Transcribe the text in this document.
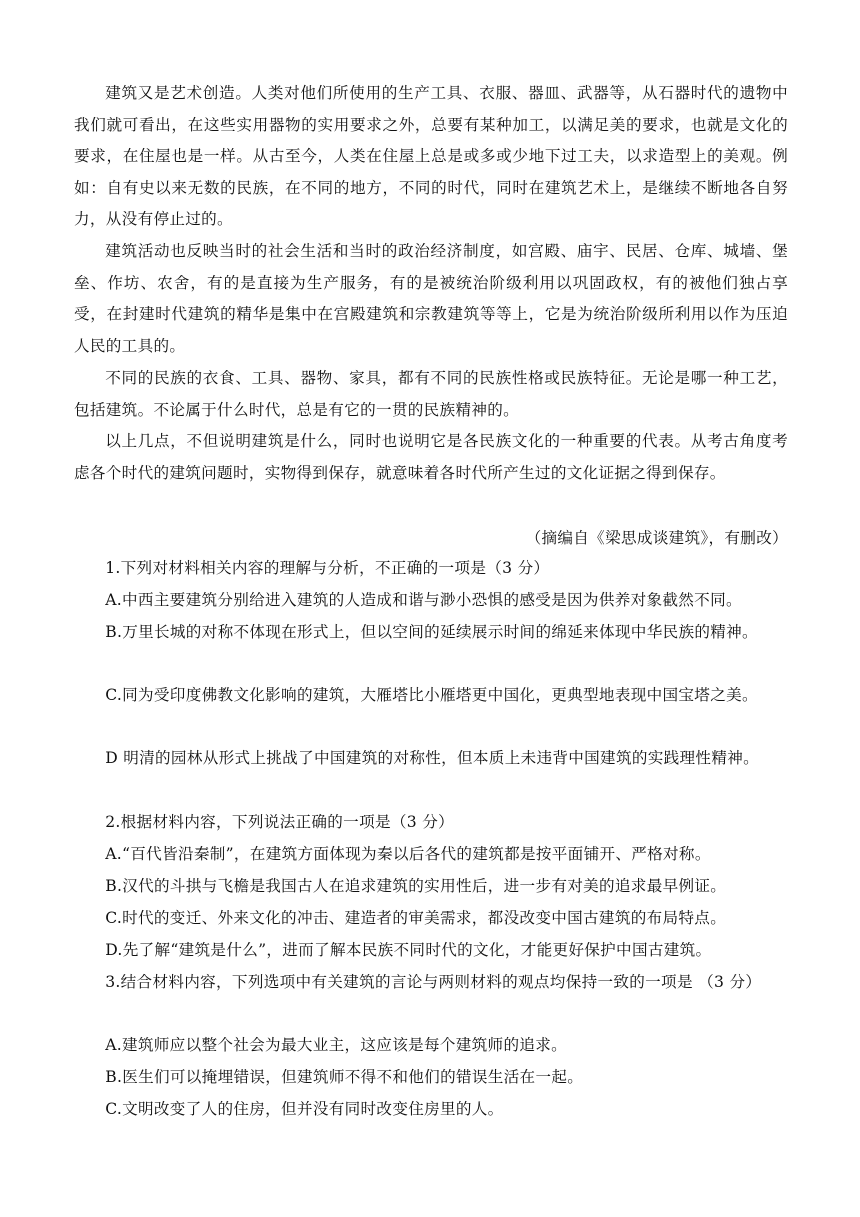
建筑又是艺术创造。人类对他们所使用的生产工具、衣服、器皿、武器等，从石器时代的遗物中我们就可看出，在这些实用器物的实用要求之外，总要有某种加工，以满足美的要求，也就是文化的要求，在住屋也是一样。从古至今，人类在住屋上总是或多或少地下过工夫，以求造型上的美观。例如：自有史以来无数的民族，在不同的地方，不同的时代，同时在建筑艺术上，是继续不断地各自努力，从没有停止过的。

建筑活动也反映当时的社会生活和当时的政治经济制度，如宫殿、庙宇、民居、仓库、城墙、堡垒、作坊、农舍，有的是直接为生产服务，有的是被统治阶级利用以巩固政权，有的被他们独占享受，在封建时代建筑的精华是集中在宫殿建筑和宗教建筑等等上，它是为统治阶级所利用以作为压迫人民的工具的。

不同的民族的衣食、工具、器物、家具，都有不同的民族性格或民族特征。无论是哪一种工艺，包括建筑。不论属于什么时代，总是有它的一贯的民族精神的。

以上几点，不但说明建筑是什么，同时也说明它是各民族文化的一种重要的代表。从考古角度考虑各个时代的建筑问题时，实物得到保存，就意味着各时代所产生过的文化证据之得到保存。

（摘编自《梁思成谈建筑》，有删改）

1.下列对材料相关内容的理解与分析，不正确的一项是（3 分）

A.中西主要建筑分别给进入建筑的人造成和谐与渺小恐惧的感受是因为供养对象截然不同。

B.万里长城的对称不体现在形式上，但以空间的延续展示时间的绵延来体现中华民族的精神。

C.同为受印度佛教文化影响的建筑，大雁塔比小雁塔更中国化，更典型地表现中国宝塔之美。

D 明清的园林从形式上挑战了中国建筑的对称性，但本质上未违背中国建筑的实践理性精神。

2.根据材料内容，下列说法正确的一项是（3 分）

A.“百代皆沿秦制”，在建筑方面体现为秦以后各代的建筑都是按平面铺开、严格对称。

B.汉代的斗拱与飞檐是我国古人在追求建筑的实用性后，进一步有对美的追求最早例证。

C.时代的变迁、外来文化的冲击、建造者的审美需求，都没改变中国古建筑的布局特点。

D.先了解“建筑是什么”，进而了解本民族不同时代的文化，才能更好保护中国古建筑。

3.结合材料内容，下列选项中有关建筑的言论与两则材料的观点均保持一致的一项是 （3 分）

A.建筑师应以整个社会为最大业主，这应该是每个建筑师的追求。

B.医生们可以掩埋错误，但建筑师不得不和他们的错误生活在一起。

C.文明改变了人的住房，但并没有同时改变住房里的人。
